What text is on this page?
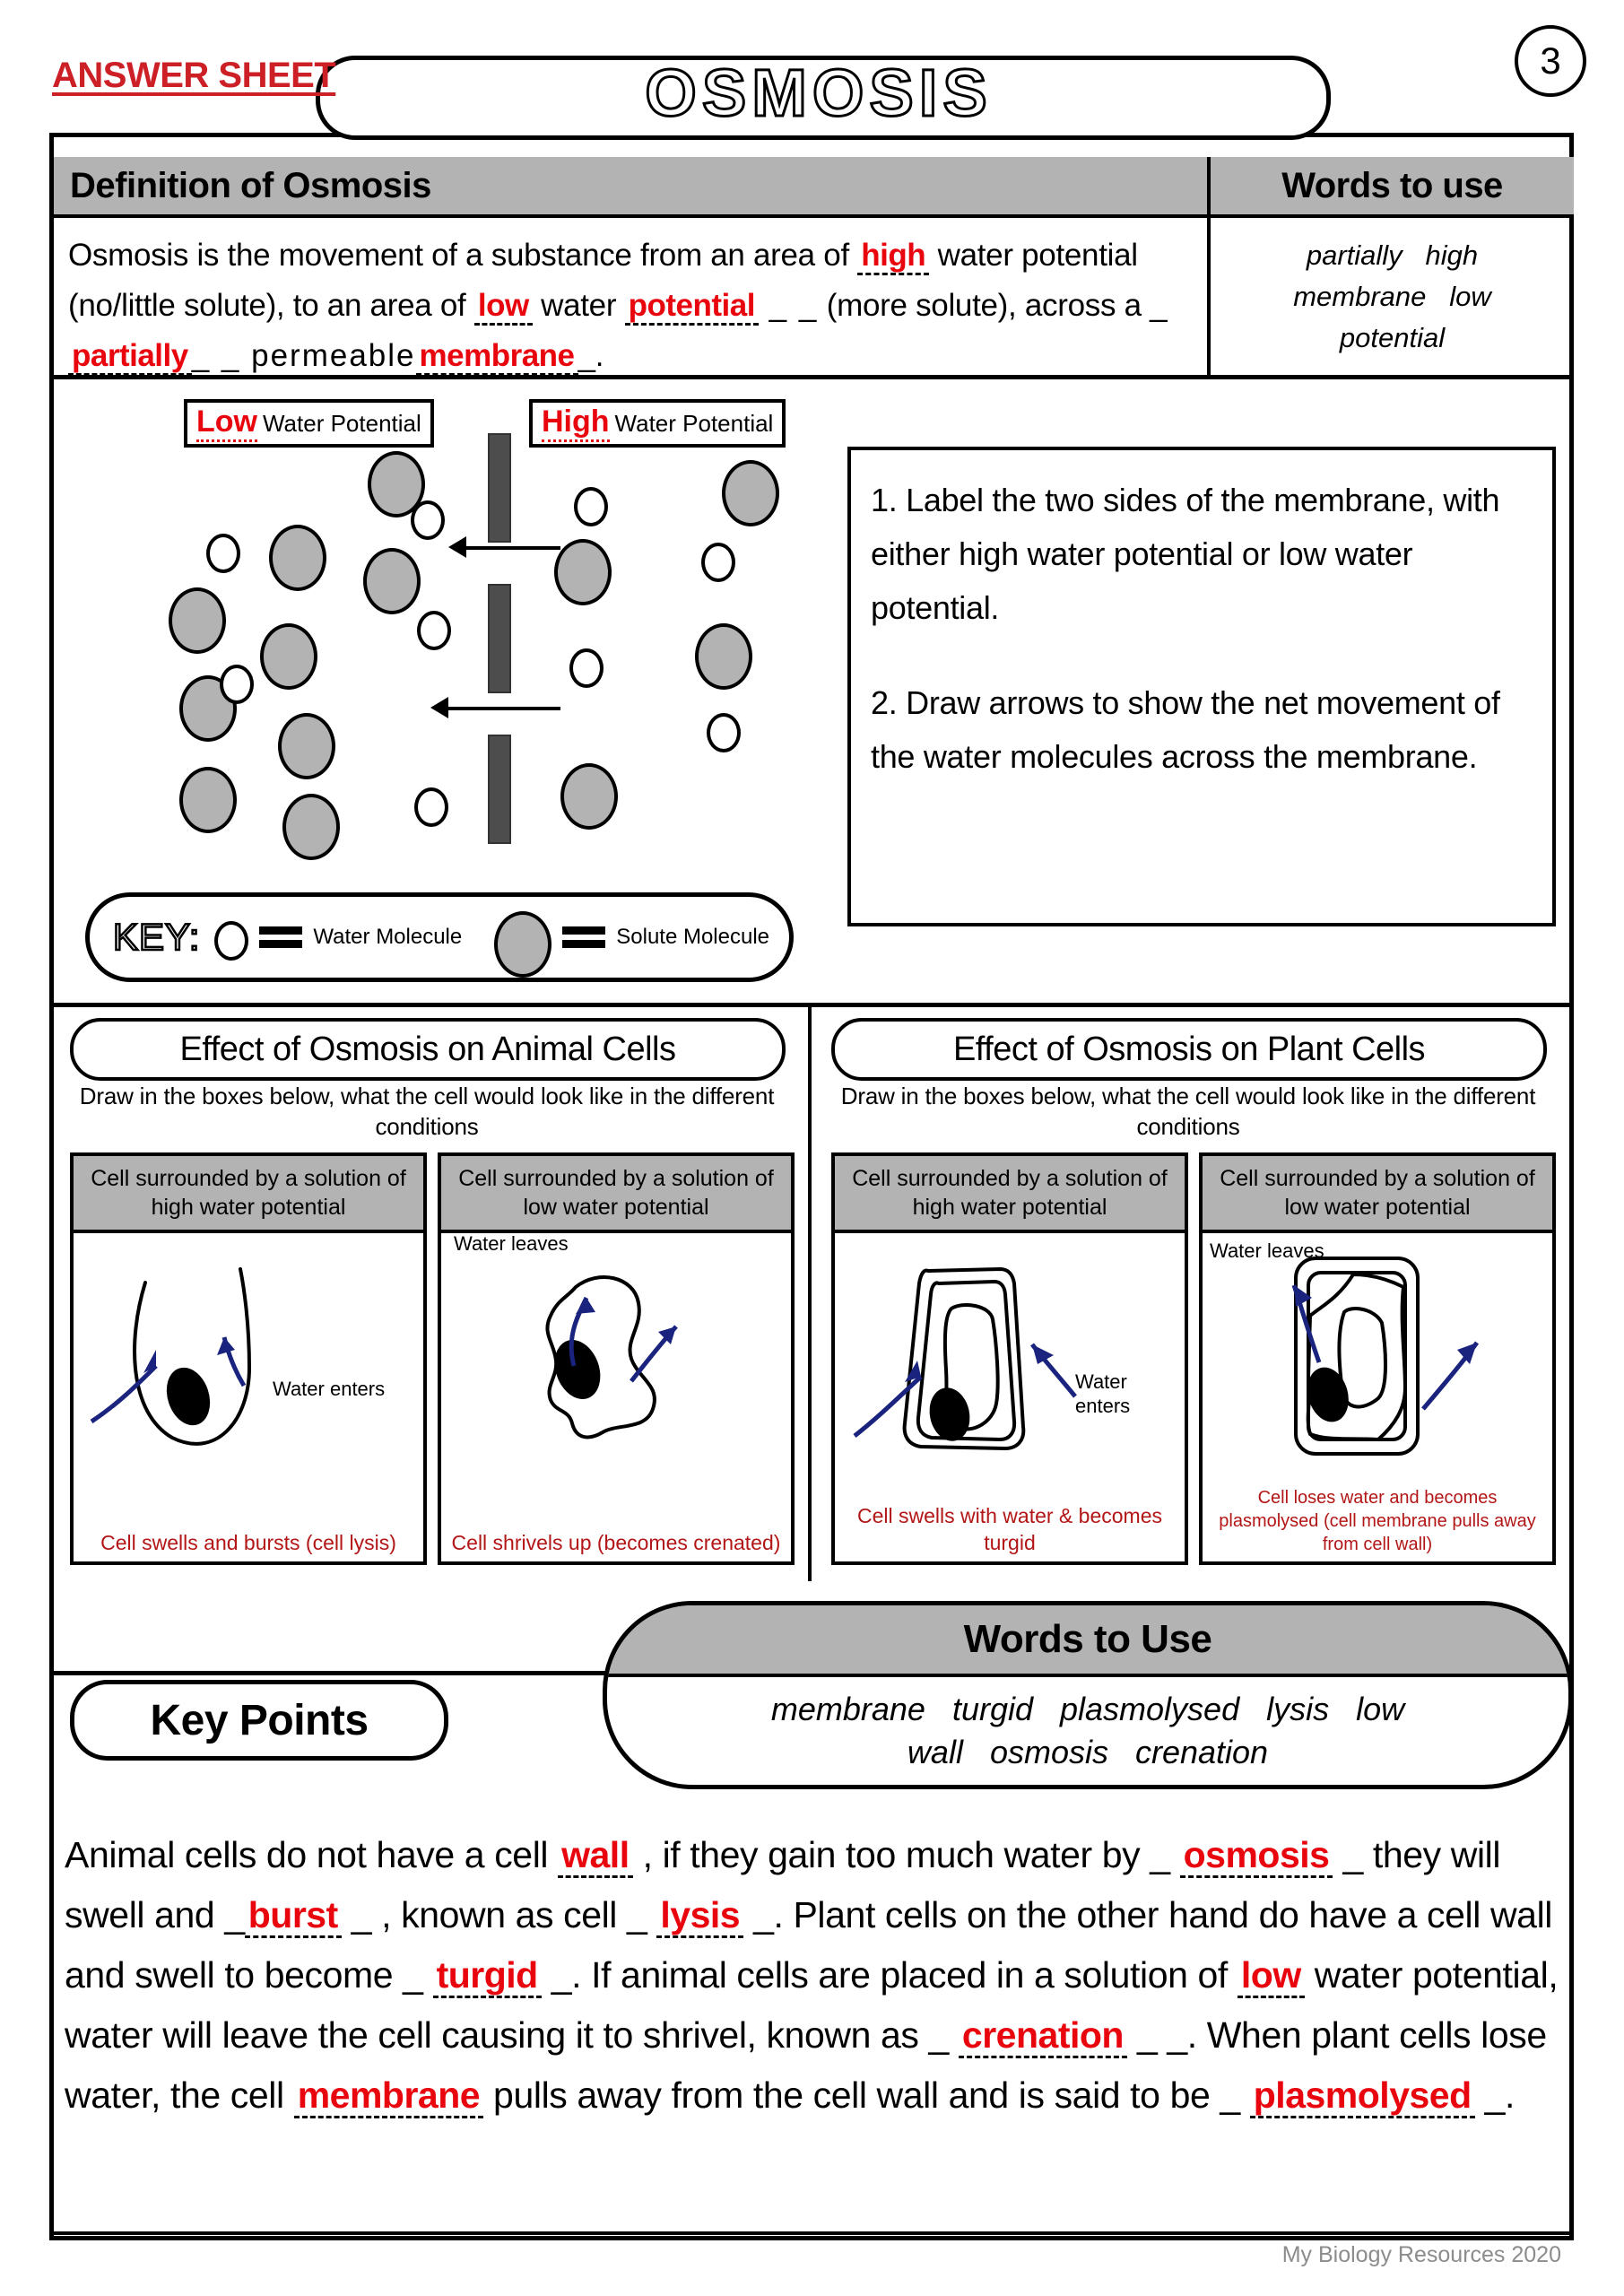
ANSWER SHEET	OSMOSIS	3
Definition of Osmosis	Words to use
Osmosis is the movement of a substance from an area of high water potential (no/little solute), to an area of low water potential _ _ (more solute), across a _ partially _ _ permeable membrane _.
partially   high
membrane   low
potential
Low Water Potential	High Water Potential

1. Label the two sides of the membrane, with either high water potential or low water potential.

2. Draw arrows to show the net movement of the water molecules across the membrane.

KEY:	Water Molecule	Solute Molecule
Effect of Osmosis on Animal Cells
Draw in the boxes below, what the cell would look like in the different conditions
Cell surrounded by a solution of high water potential
Water enters
Cell swells and bursts (cell lysis)
Cell surrounded by a solution of low water potential
Water leaves
Cell shrivels up (becomes crenated)
Effect of Osmosis on Plant Cells
Draw in the boxes below, what the cell would look like in the different conditions
Cell surrounded by a solution of high water potential
Water enters
Cell swells with water & becomes turgid
Cell surrounded by a solution of low water potential
Water leaves
Cell loses water and becomes plasmolysed (cell membrane pulls away from cell wall)
Words to Use
membrane   turgid   plasmolysed   lysis   low
wall   osmosis   crenation
Key Points
Animal cells do not have a cell wall , if they gain too much water by _ osmosis _ they will swell and _burst _ , known as cell _ lysis _. Plant cells on the other hand do have a cell wall and swell to become _ turgid _. If animal cells are placed in a solution of low water potential, water will leave the cell causing it to shrivel, known as _ crenation _ _. When plant cells lose water, the cell membrane pulls away from the cell wall and is said to be _ plasmolysed _.
My Biology Resources 2020
